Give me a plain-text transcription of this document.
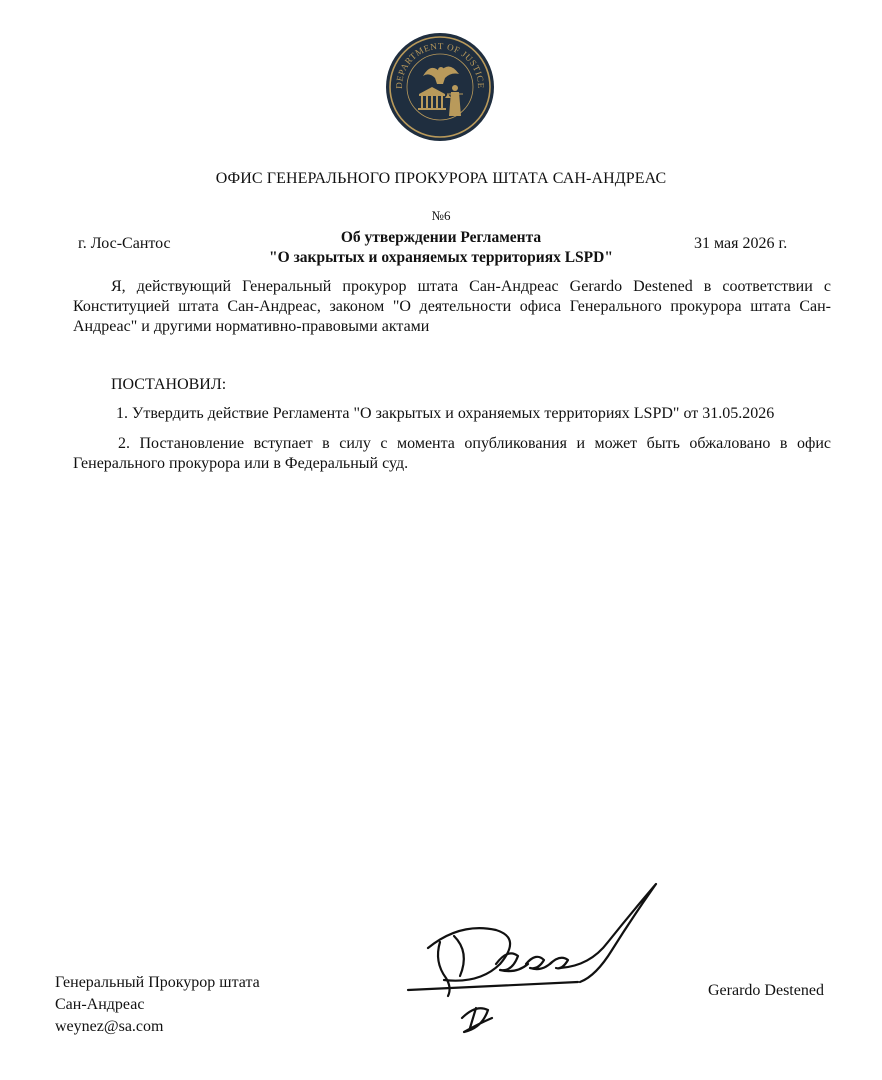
DEPARTMENT OF JUSTICE
ОФИС ГЕНЕРАЛЬНОГО ПРОКУРОРА ШТАТА САН-АНДРЕАС
№6
г. Лос-Сантос	Об утверждении Регламента
"О закрытых и охраняемых территориях LSPD"
31 мая 2026 г.
Я, действующий Генеральный прокурор штата Сан-Андреас Gerardo Destened в соответствии с Конституцией штата Сан-Андреас, законом "О деятельности офиса Генерального прокурора штата Сан-Андреас" и другими нормативно-правовыми актами
ПОСТАНОВИЛ:
1. Утвердить действие Регламента "О закрытых и охраняемых территориях LSPD" от 31.05.2026
2. Постановление вступает в силу с момента опубликования и может быть обжаловано в офис Генерального прокурора или в Федеральный суд.
Генеральный Прокурор штата
Сан-Андреас
weynez@sa.com
Gerardo Destened
